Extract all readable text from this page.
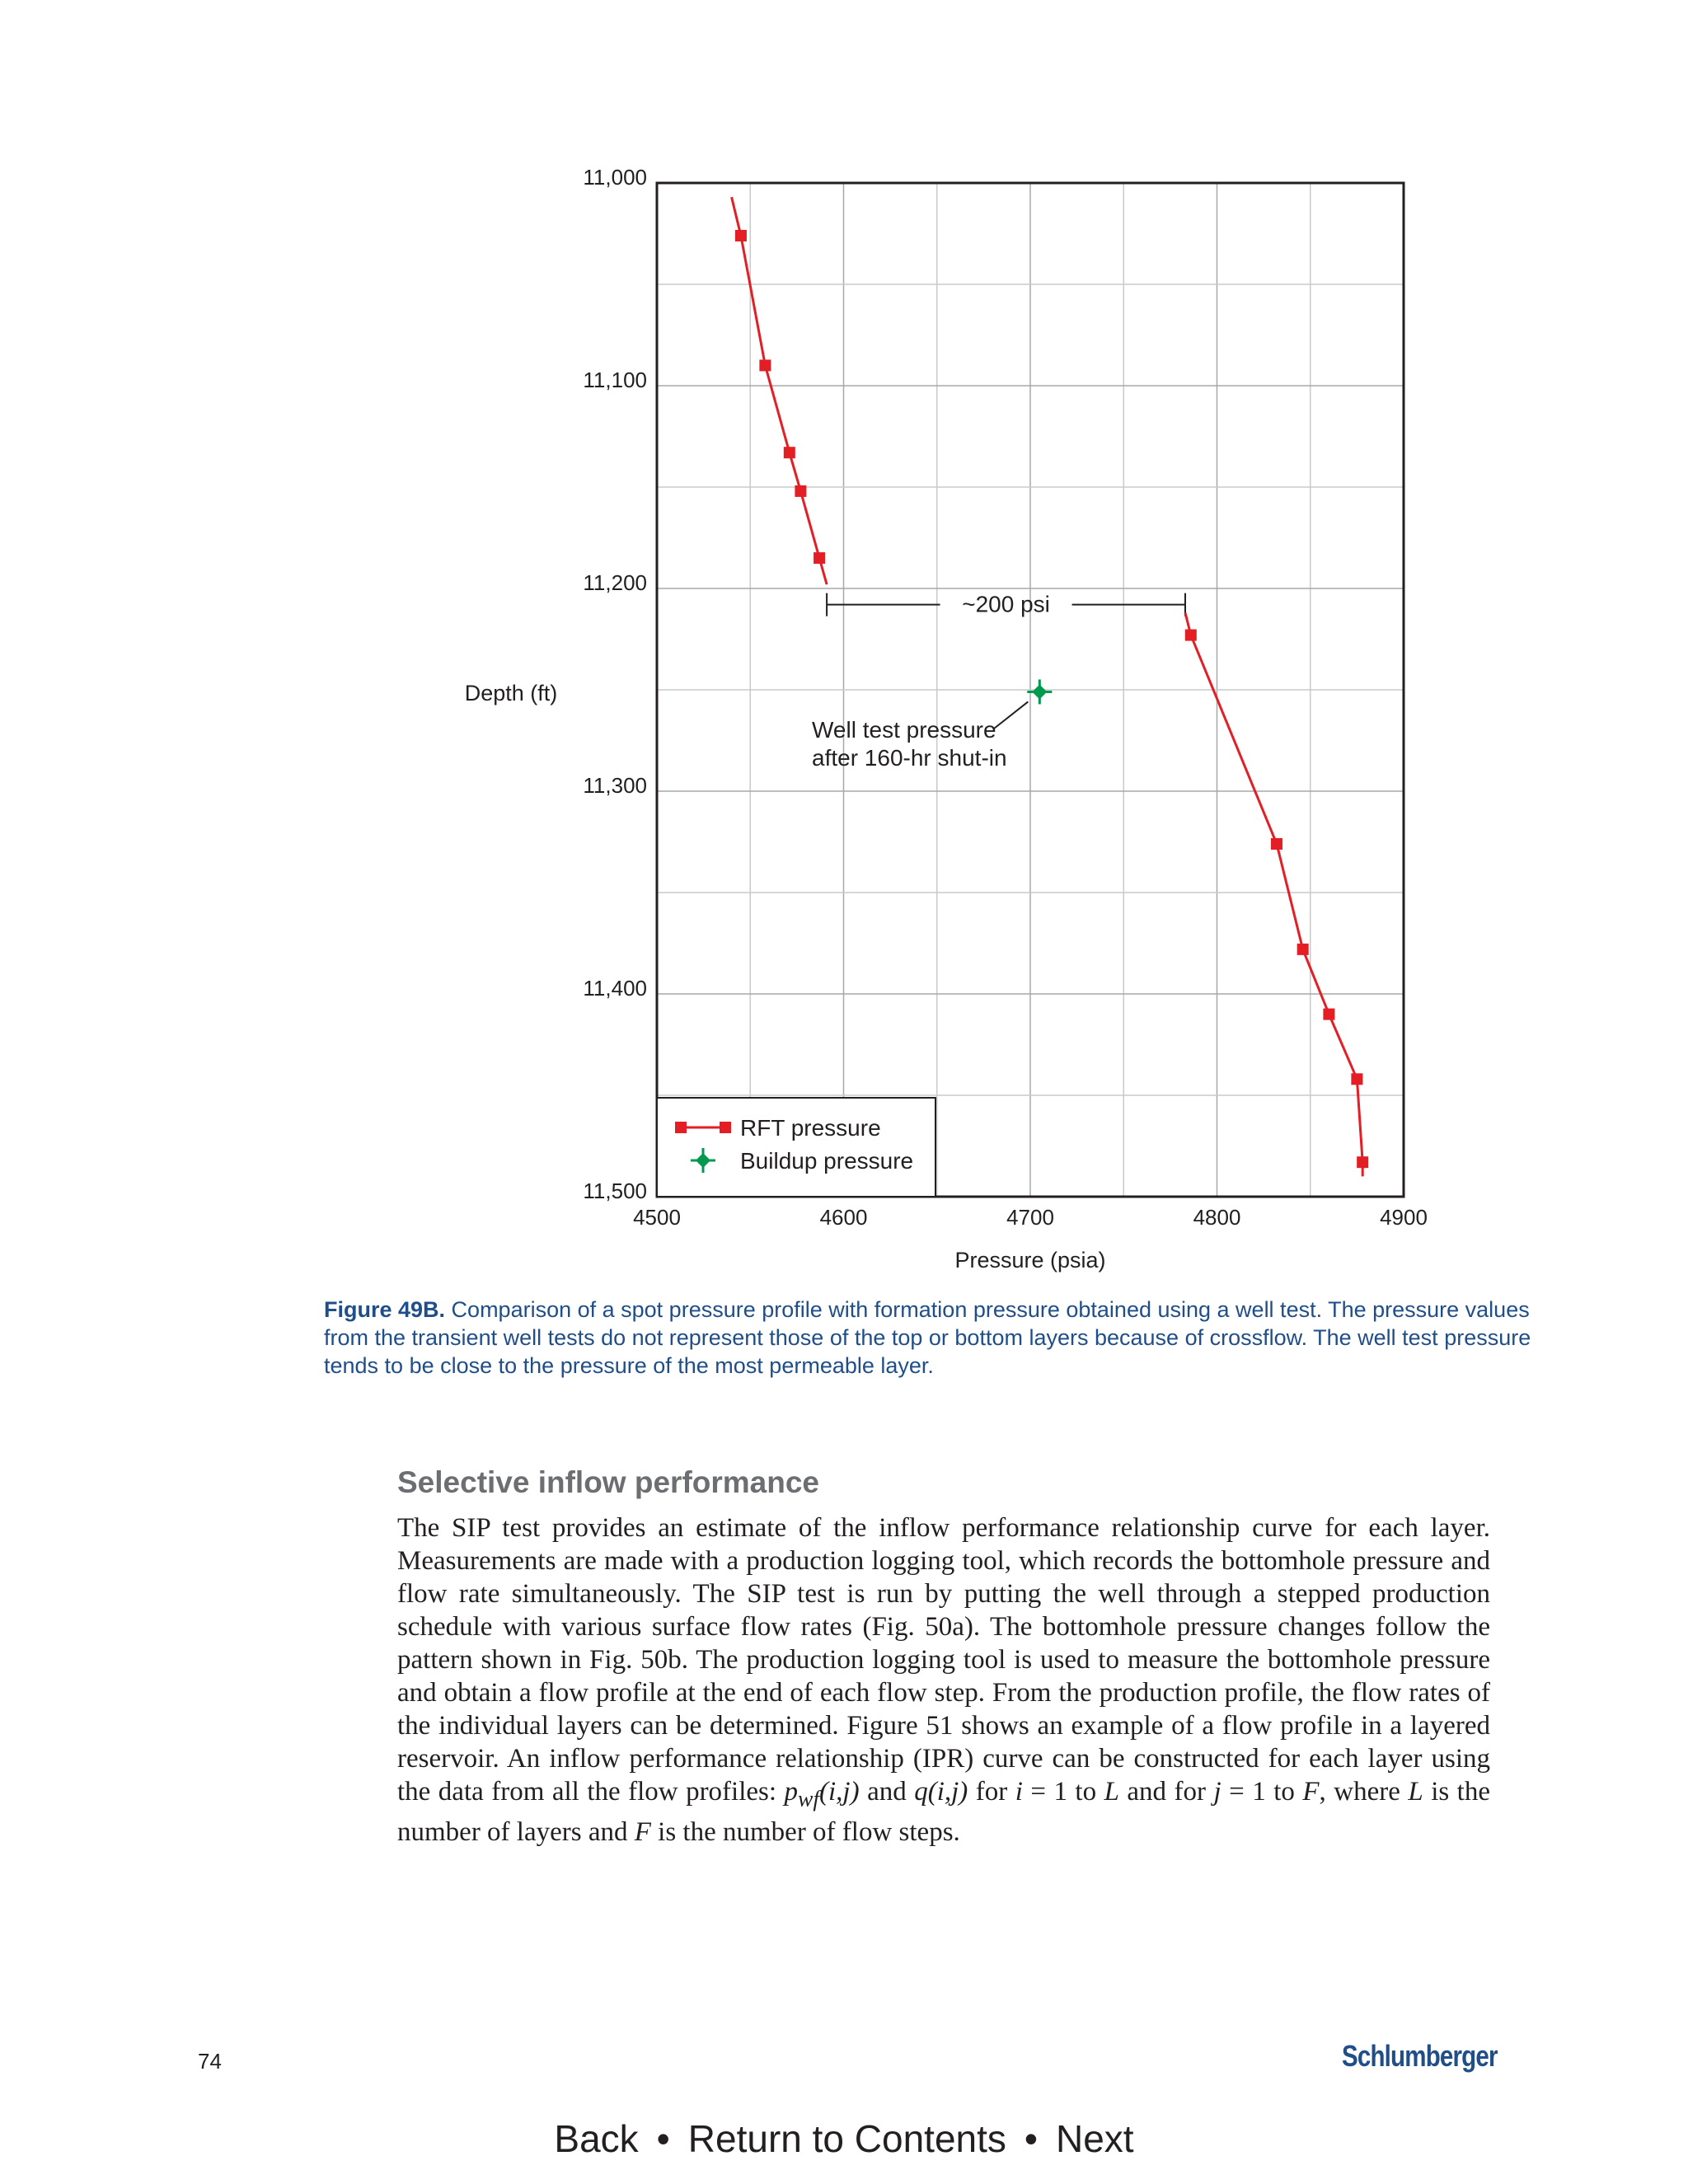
11,000
11,100
11,200
11,300
11,400
11,500
4500	4600	4700	4800	4900
Depth (ft)
Pressure (psia)
~200 psi
Well test pressure
after 160-hr shut-in
RFT pressure
Buildup pressure
Figure 49B. Comparison of a spot pressure profile with formation pressure obtained using a well test. The pressure values from the transient well tests do not represent those of the top or bottom layers because of crossflow. The well test pressure tends to be close to the pressure of the most permeable layer.
Selective inflow performance
The SIP test provides an estimate of the inflow performance relationship curve for each layer. Measurements are made with a production logging tool, which records the bottomhole pressure and flow rate simultaneously. The SIP test is run by putting the well through a stepped production schedule with various surface flow rates (Fig. 50a). The bottomhole pressure changes follow the pattern shown in Fig. 50b. The production logging tool is used to measure the bottomhole pressure and obtain a flow profile at the end of each flow step. From the production profile, the flow rates of the individual layers can be determined. Figure 51 shows an example of a flow profile in a layered reservoir. An inflow performance relationship (IPR) curve can be constructed for each layer using the data from all the flow profiles: $p_{wf}(i,j)$ and q(i,j) for i = 1 to L and for j = 1 to F, where L is the number of layers and F is the number of flow steps.
74	Schlumberger
Back • Return to Contents • Next
